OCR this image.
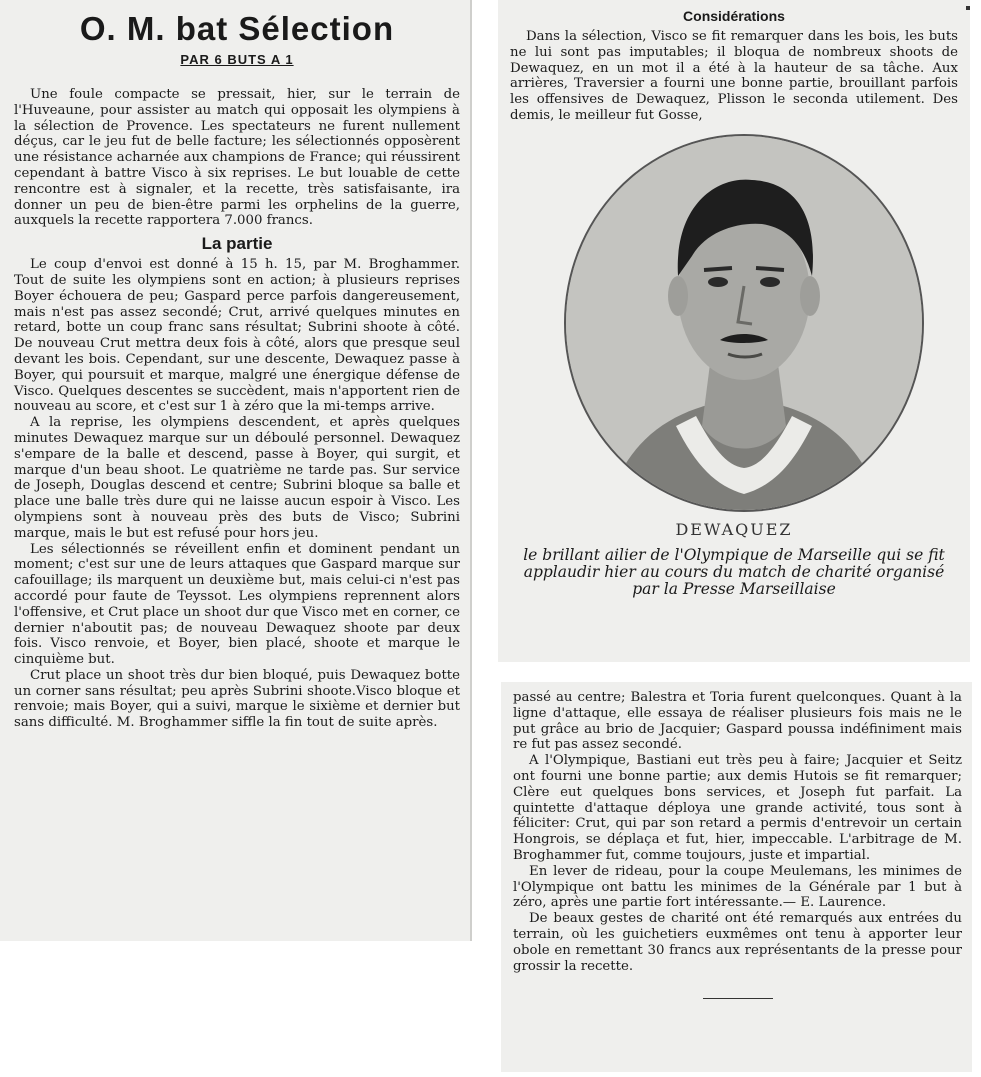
O. M. bat Sélection
PAR 6 BUTS A 1

Une foule compacte se pressait, hier, sur le terrain de l'Huveaune, pour assister au match qui opposait les olympiens à la sélection de Provence. Les spectateurs ne furent nullement déçus, car le jeu fut de belle facture; les sélectionnés opposèrent une résistance acharnée aux champions de France; qui réussirent cependant à battre Visco à six reprises. Le but louable de cette rencontre est à signaler, et la recette, très satisfaisante, ira donner un peu de bien-être parmi les orphelins de la guerre, auxquels la recette rapportera 7.000 francs.

La partie

Le coup d'envoi est donné à 15 h. 15, par M. Broghammer. Tout de suite les olympiens sont en action; à plusieurs reprises Boyer échouera de peu; Gaspard perce parfois dangereusement, mais n'est pas assez secondé; Crut, arrivé quelques minutes en retard, botte un coup franc sans résultat; Subrini shoote à côté. De nouveau Crut mettra deux fois à côté, alors que presque seul devant les bois. Cependant, sur une descente, Dewaquez passe à Boyer, qui poursuit et marque, malgré une énergique défense de Visco. Quelques descentes se succèdent, mais n'apportent rien de nouveau au score, et c'est sur 1 à zéro que la mi-temps arrive.

A la reprise, les olympiens descendent, et après quelques minutes Dewaquez marque sur un déboulé personnel. Dewaquez s'empare de la balle et descend, passe à Boyer, qui surgit, et marque d'un beau shoot. Le quatrième ne tarde pas. Sur service de Joseph, Douglas descend et centre; Subrini bloque sa balle et place une balle très dure qui ne laisse aucun espoir à Visco. Les olympiens sont à nouveau près des buts de Visco; Subrini marque, mais le but est refusé pour hors jeu.

Les sélectionnés se réveillent enfin et dominent pendant un moment; c'est sur une de leurs attaques que Gaspard marque sur cafouillage; ils marquent un deuxième but, mais celui-ci n'est pas accordé pour faute de Teyssot. Les olympiens reprennent alors l'offensive, et Crut place un shoot dur que Visco met en corner, ce dernier n'aboutit pas; de nouveau Dewaquez shoote par deux fois. Visco renvoie, et Boyer, bien placé, shoote et marque le cinquième but.

Crut place un shoot très dur bien bloqué, puis Dewaquez botte un corner sans résultat; peu après Subrini shoote.Visco bloque et renvoie; mais Boyer, qui a suivi, marque le sixième et dernier but sans difficulté. M. Broghammer siffle la fin tout de suite après.

Considérations

Dans la sélection, Visco se fit remarquer dans les bois, les buts ne lui sont pas imputables; il bloqua de nombreux shoots de Dewaquez, en un mot il a été à la hauteur de sa tâche. Aux arrières, Traversier a fourni une bonne partie, brouillant parfois les offensives de Dewaquez, Plisson le seconda utilement. Des demis, le meilleur fut Gosse,

DEWAQUEZ

le brillant ailier de l'Olympique de Marseille qui se fit applaudir hier au cours du match de charité organisé par la Presse Marseillaise

passé au centre; Balestra et Toria furent quelconques. Quant à la ligne d'attaque, elle essaya de réaliser plusieurs fois mais ne le put grâce au brio de Jacquier; Gaspard poussa indéfiniment mais re fut pas assez secondé.

A l'Olympique, Bastiani eut très peu à faire; Jacquier et Seitz ont fourni une bonne partie; aux demis Hutois se fit remarquer; Clère eut quelques bons services, et Joseph fut parfait. La quintette d'attaque déploya une grande activité, tous sont à féliciter: Crut, qui par son retard a permis d'entrevoir un certain Hongrois, se déplaça et fut, hier, impeccable. L'arbitrage de M. Broghammer fut, comme toujours, juste et impartial.

En lever de rideau, pour la coupe Meulemans, les minimes de l'Olympique ont battu les minimes de la Générale par 1 but à zéro, après une partie fort intéressante.— E. Laurence.

De beaux gestes de charité ont été remarqués aux entrées du terrain, où les guichetiers euxmêmes ont tenu à apporter leur obole en remettant 30 francs aux représentants de la presse pour grossir la recette.
